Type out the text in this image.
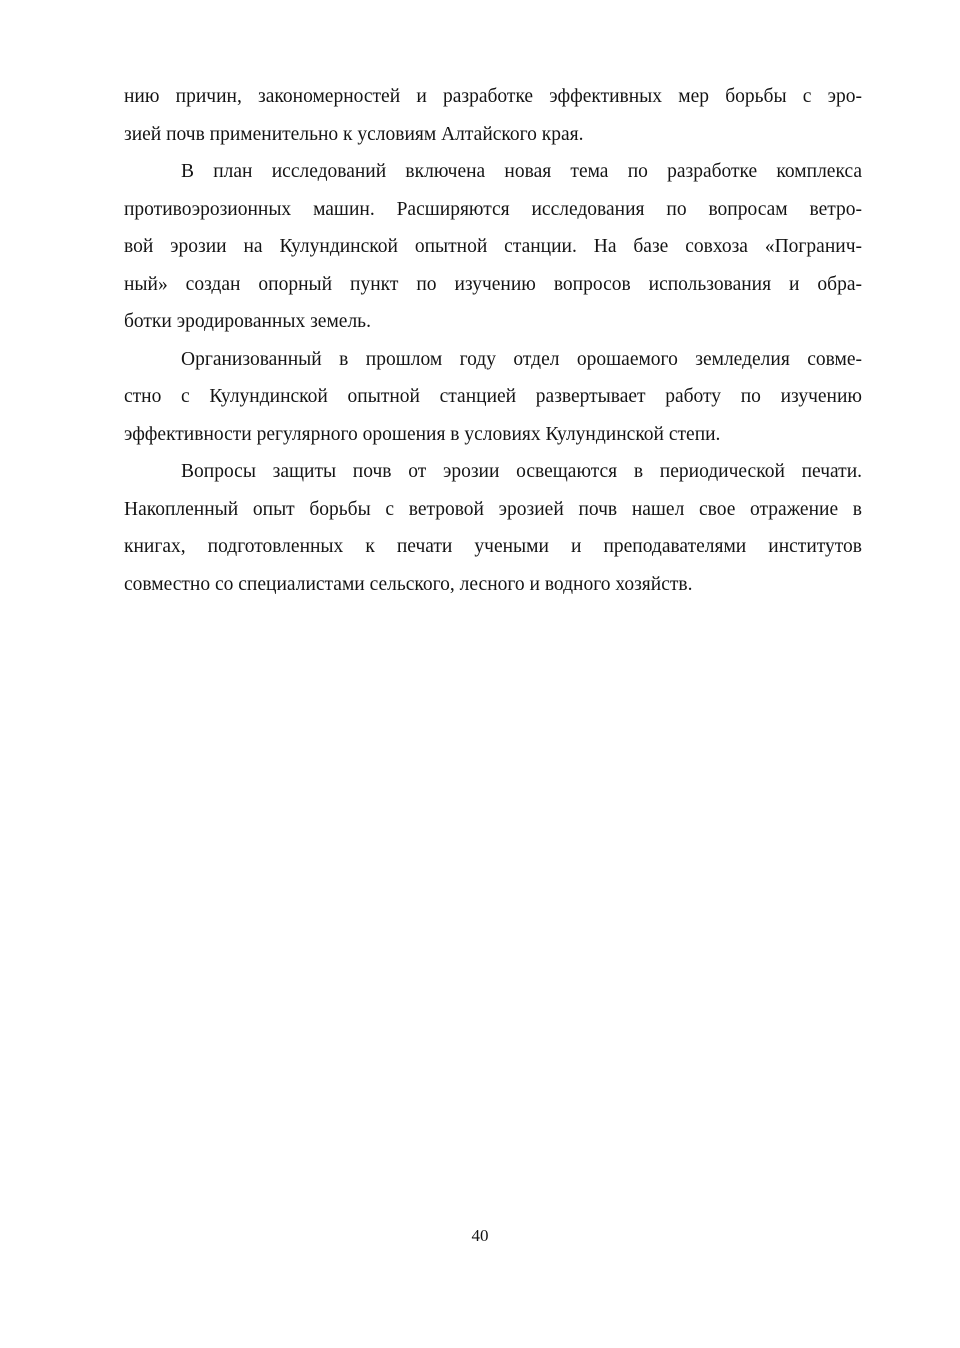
нию причин, закономерностей и разработке эффективных мер борьбы с эро-
зией почв применительно к условиям Алтайского края.
В план исследований включена новая тема по разработке комплекса
противоэрозионных машин. Расширяются исследования по вопросам ветро-
вой эрозии на Кулундинской опытной станции. На базе совхоза «Погранич-
ный» создан опорный пункт по изучению вопросов использования и обра-
ботки эродированных земель.
Организованный в прошлом году отдел орошаемого земледелия совме-
стно с Кулундинской опытной станцией развертывает работу по изучению
эффективности регулярного орошения в условиях Кулундинской степи.
Вопросы защиты почв от эрозии освещаются в периодической печати.
Накопленный опыт борьбы с ветровой эрозией почв нашел свое отражение в
книгах, подготовленных к печати учеными и преподавателями институтов
совместно со специалистами сельского, лесного и водного хозяйств.
40
